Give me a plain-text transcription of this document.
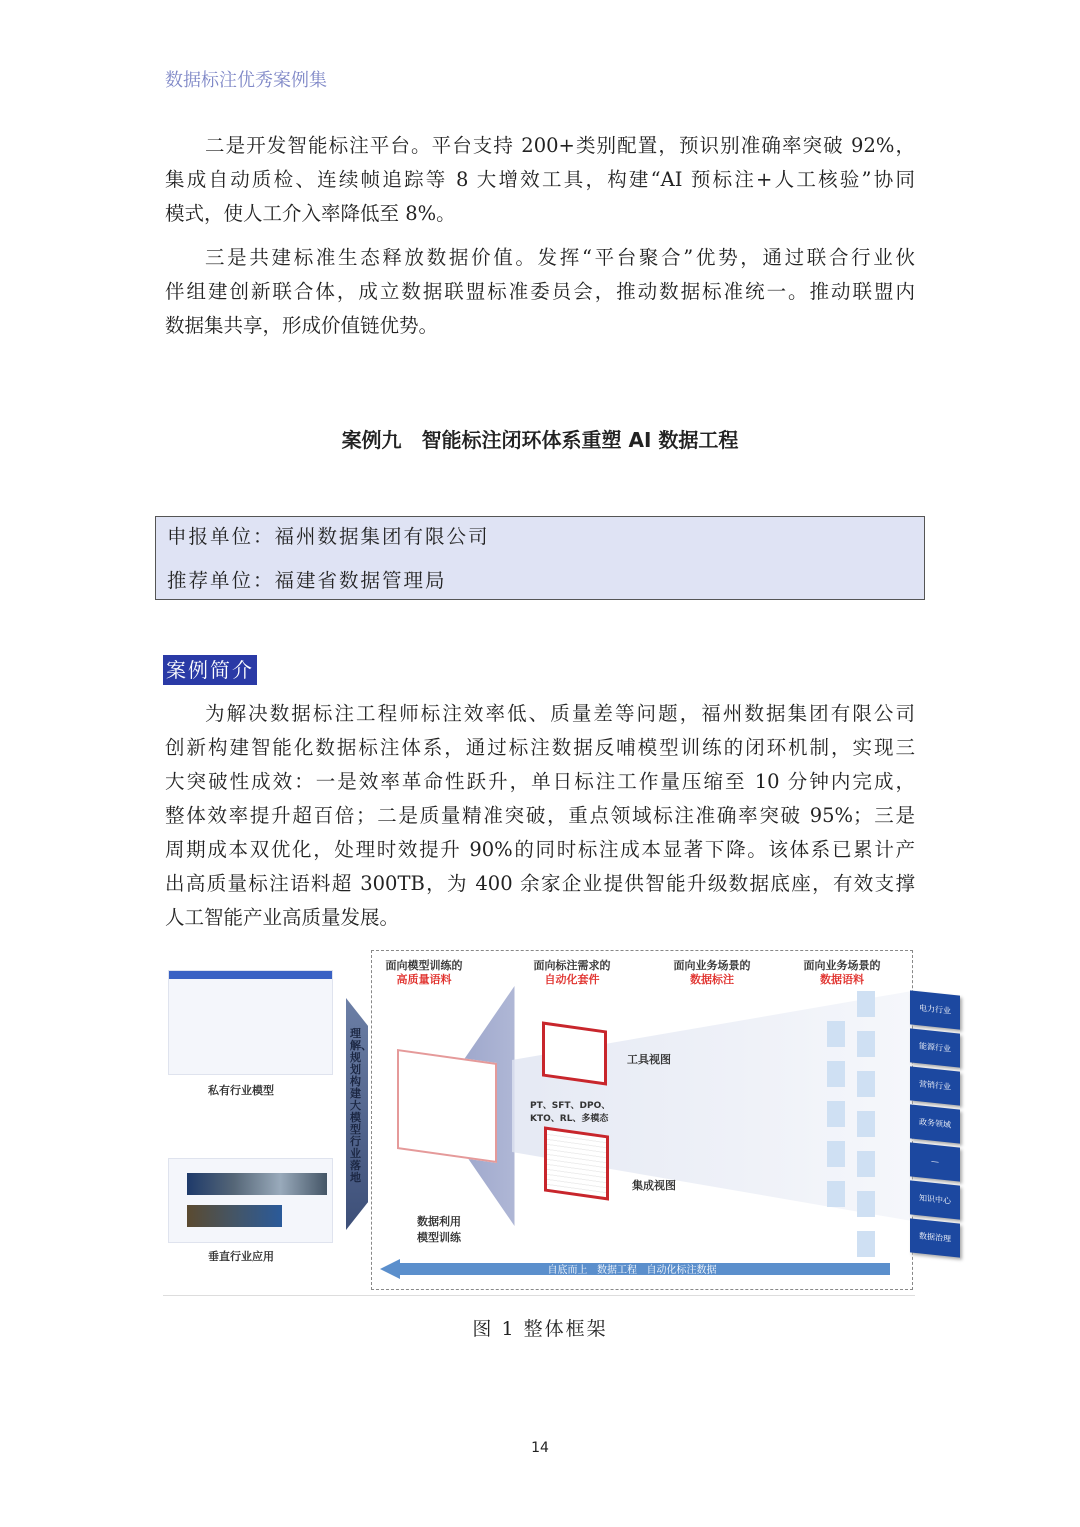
数据标注优秀案例集
二是开发智能标注平台。平台支持 200+类别配置，预识别准确率突破 92%，
集成自动质检、连续帧追踪等 8 大增效工具，构建“AI 预标注+人工核验”协同
模式，使人工介入率降低至 8%。
三是共建标准生态释放数据价值。发挥“平台聚合”优势，通过联合行业伙
伴组建创新联合体，成立数据联盟标准委员会，推动数据标准统一。推动联盟内
数据集共享，形成价值链优势。
案例九 智能标注闭环体系重塑 AI 数据工程
申报单位：福州数据集团有限公司
推荐单位：福建省数据管理局
案例简介
为解决数据标注工程师标注效率低、质量差等问题，福州数据集团有限公司
创新构建智能化数据标注体系，通过标注数据反哺模型训练的闭环机制，实现三
大突破性成效：一是效率革命性跃升，单日标注工作量压缩至 10 分钟内完成，
整体效率提升超百倍；二是质量精准突破，重点领域标注准确率突破 95%；三是
周期成本双优化，处理时效提升 90%的同时标注成本显著下降。该体系已累计产
出高质量标注语料超 300TB，为 400 余家企业提供智能升级数据底座，有效支撑
人工智能产业高质量发展。
私有行业模型
垂直行业应用
理解、规划构建大模型行业落地
面向模型训练的
高质量语料
面向标注需求的
自动化套件
面向业务场景的
数据标注
面向业务场景的
数据语料
工具视图
PT、SFT、DPO、KTO、RL、多模态
集成视图
数据利用
模型训练
电力行业
能源行业
营销行业
政务领域
—
知识中心
数据治理
自底而上   数据工程   自动化标注数据
图 1 整体框架
14
